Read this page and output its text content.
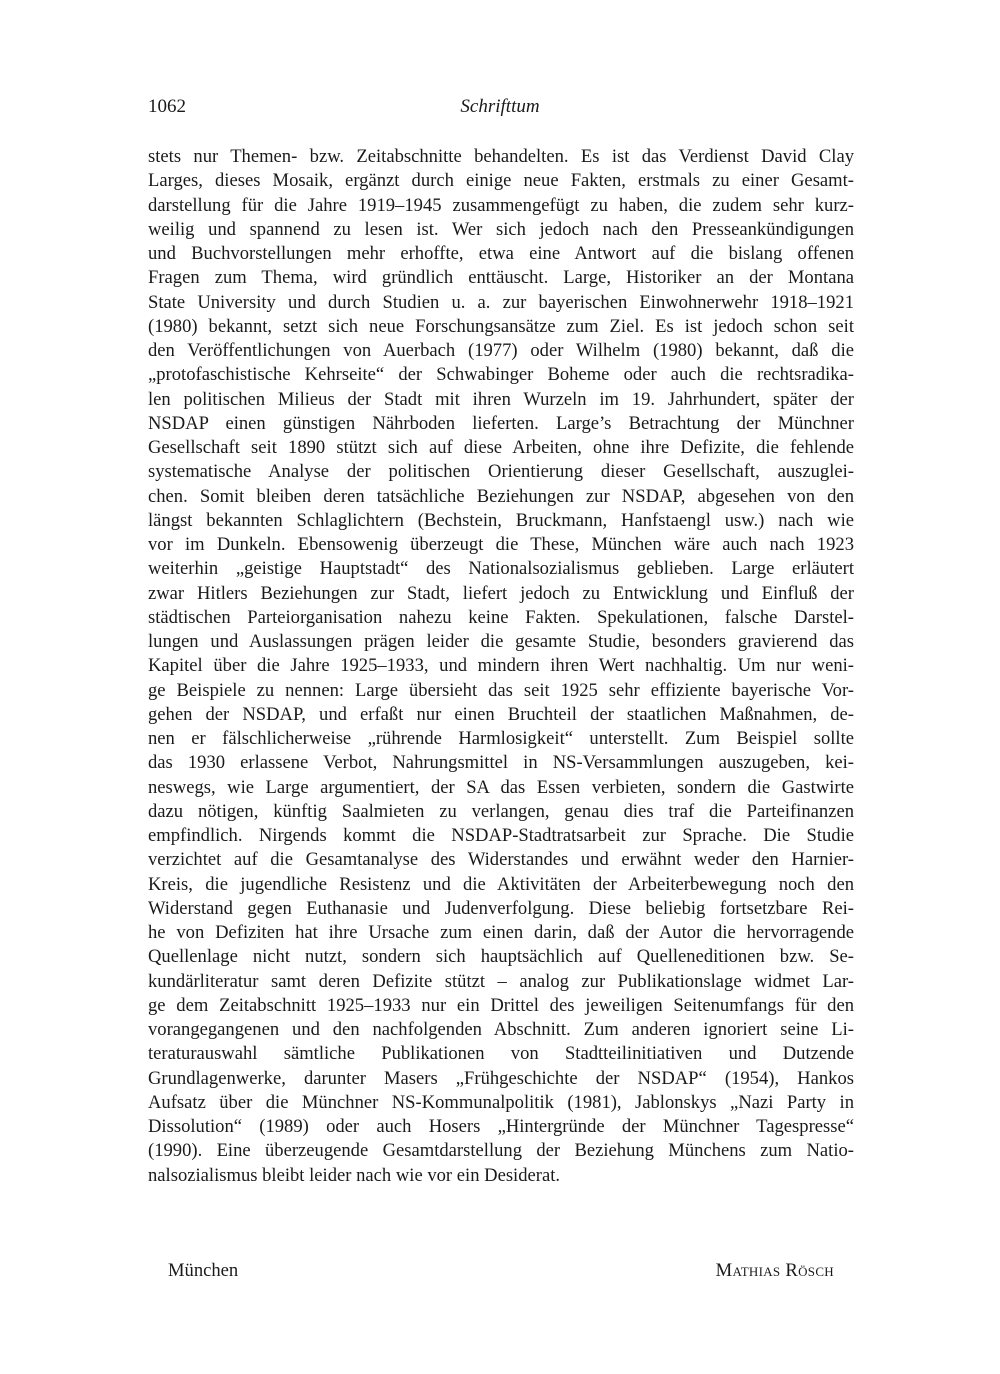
1062	Schrifttum
stets nur Themen- bzw. Zeitabschnitte behandelten. Es ist das Verdienst David Clay
Larges, dieses Mosaik, ergänzt durch einige neue Fakten, erstmals zu einer Gesamt-
darstellung für die Jahre 1919–1945 zusammengefügt zu haben, die zudem sehr kurz-
weilig und spannend zu lesen ist. Wer sich jedoch nach den Presseankündigungen
und Buchvorstellungen mehr erhoffte, etwa eine Antwort auf die bislang offenen
Fragen zum Thema, wird gründlich enttäuscht. Large, Historiker an der Montana
State University und durch Studien u. a. zur bayerischen Einwohnerwehr 1918–1921
(1980) bekannt, setzt sich neue Forschungsansätze zum Ziel. Es ist jedoch schon seit
den Veröffentlichungen von Auerbach (1977) oder Wilhelm (1980) bekannt, daß die
„protofaschistische Kehrseite“ der Schwabinger Boheme oder auch die rechtsradika-
len politischen Milieus der Stadt mit ihren Wurzeln im 19. Jahrhundert, später der
NSDAP einen günstigen Nährboden lieferten. Large’s Betrachtung der Münchner
Gesellschaft seit 1890 stützt sich auf diese Arbeiten, ohne ihre Defizite, die fehlende
systematische Analyse der politischen Orientierung dieser Gesellschaft, auszuglei-
chen. Somit bleiben deren tatsächliche Beziehungen zur NSDAP, abgesehen von den
längst bekannten Schlaglichtern (Bechstein, Bruckmann, Hanfstaengl usw.) nach wie
vor im Dunkeln. Ebensowenig überzeugt die These, München wäre auch nach 1923
weiterhin „geistige Hauptstadt“ des Nationalsozialismus geblieben. Large erläutert
zwar Hitlers Beziehungen zur Stadt, liefert jedoch zu Entwicklung und Einfluß der
städtischen Parteiorganisation nahezu keine Fakten. Spekulationen, falsche Darstel-
lungen und Auslassungen prägen leider die gesamte Studie, besonders gravierend das
Kapitel über die Jahre 1925–1933, und mindern ihren Wert nachhaltig. Um nur weni-
ge Beispiele zu nennen: Large übersieht das seit 1925 sehr effiziente bayerische Vor-
gehen der NSDAP, und erfaßt nur einen Bruchteil der staatlichen Maßnahmen, de-
nen er fälschlicherweise „rührende Harmlosigkeit“ unterstellt. Zum Beispiel sollte
das 1930 erlassene Verbot, Nahrungsmittel in NS-Versammlungen auszugeben, kei-
neswegs, wie Large argumentiert, der SA das Essen verbieten, sondern die Gastwirte
dazu nötigen, künftig Saalmieten zu verlangen, genau dies traf die Parteifinanzen
empfindlich. Nirgends kommt die NSDAP-Stadtratsarbeit zur Sprache. Die Studie
verzichtet auf die Gesamtanalyse des Widerstandes und erwähnt weder den Harnier-
Kreis, die jugendliche Resistenz und die Aktivitäten der Arbeiterbewegung noch den
Widerstand gegen Euthanasie und Judenverfolgung. Diese beliebig fortsetzbare Rei-
he von Defiziten hat ihre Ursache zum einen darin, daß der Autor die hervorragende
Quellenlage nicht nutzt, sondern sich hauptsächlich auf Quelleneditionen bzw. Se-
kundärliteratur samt deren Defizite stützt – analog zur Publikationslage widmet Lar-
ge dem Zeitabschnitt 1925–1933 nur ein Drittel des jeweiligen Seitenumfangs für den
vorangegangenen und den nachfolgenden Abschnitt. Zum anderen ignoriert seine Li-
teraturauswahl sämtliche Publikationen von Stadtteilinitiativen und Dutzende
Grundlagenwerke, darunter Masers „Frühgeschichte der NSDAP“ (1954), Hankos
Aufsatz über die Münchner NS-Kommunalpolitik (1981), Jablonskys „Nazi Party in
Dissolution“ (1989) oder auch Hosers „Hintergründe der Münchner Tagespresse“
(1990). Eine überzeugende Gesamtdarstellung der Beziehung Münchens zum Natio-
nalsozialismus bleibt leider nach wie vor ein Desiderat.
München	Mathias Rösch
